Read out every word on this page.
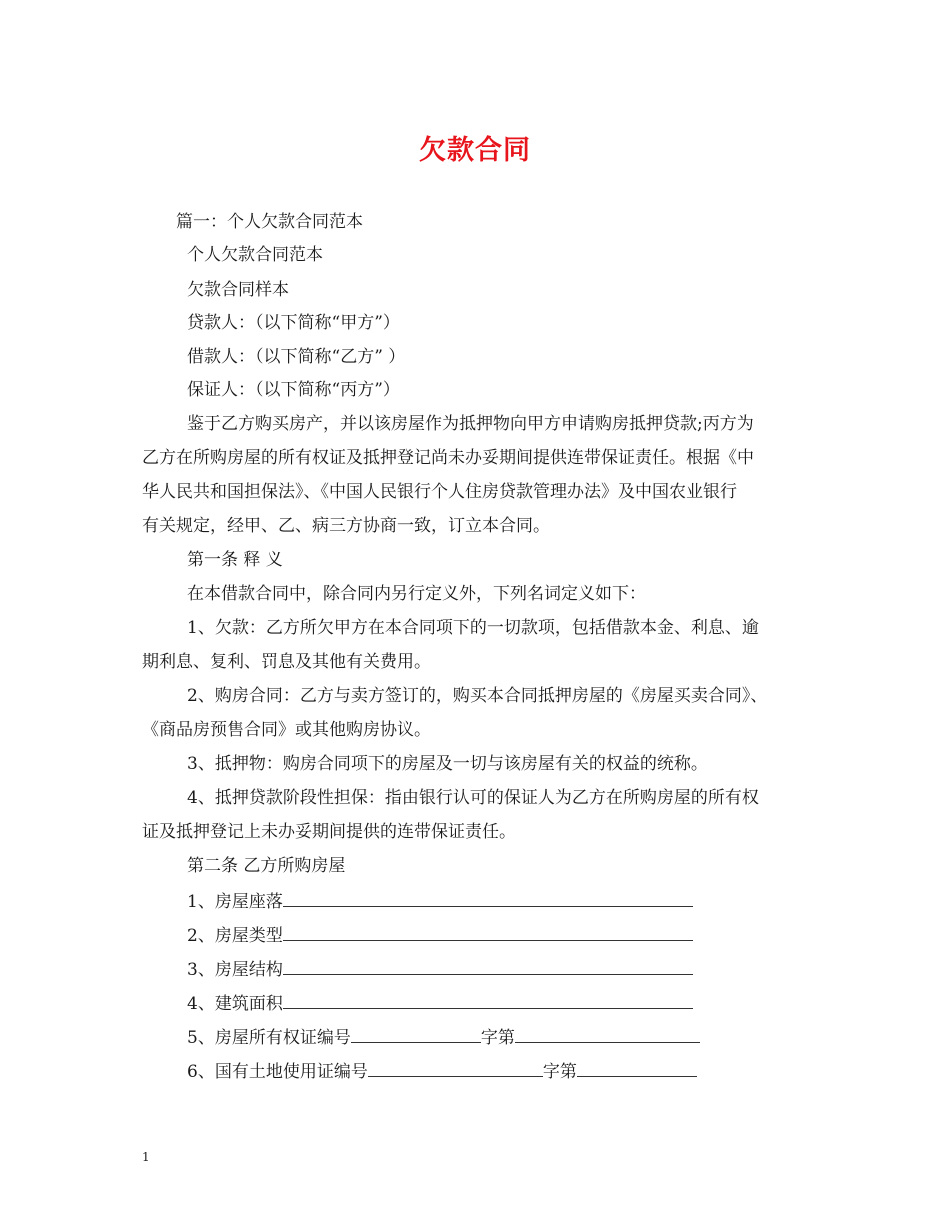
欠款合同
篇一：个人欠款合同范本
个人欠款合同范本
欠款合同样本
贷款人：（以下简称“甲方”）
借款人：（以下简称“乙方” ）
保证人：（以下简称“丙方”）
鉴于乙方购买房产，并以该房屋作为抵押物向甲方申请购房抵押贷款;丙方为
乙方在所购房屋的所有权证及抵押登记尚未办妥期间提供连带保证责任。根据《中
华人民共和国担保法》、《中国人民银行个人住房贷款管理办法》及中国农业银行
有关规定，经甲、乙、病三方协商一致，订立本合同。
第一条 释 义
在本借款合同中，除合同内另行定义外，下列名词定义如下：
1、欠款：乙方所欠甲方在本合同项下的一切款项，包括借款本金、利息、逾
期利息、复利、罚息及其他有关费用。
2、购房合同：乙方与卖方签订的，购买本合同抵押房屋的《房屋买卖合同》、
《商品房预售合同》或其他购房协议。
3、抵押物：购房合同项下的房屋及一切与该房屋有关的权益的统称。
4、抵押贷款阶段性担保：指由银行认可的保证人为乙方在所购房屋的所有权
证及抵押登记上未办妥期间提供的连带保证责任。
第二条 乙方所购房屋
1、房屋座落
2、房屋类型
3、房屋结构
4、建筑面积
5、房屋所有权证编号	字第
6、国有土地使用证编号	字第
1
